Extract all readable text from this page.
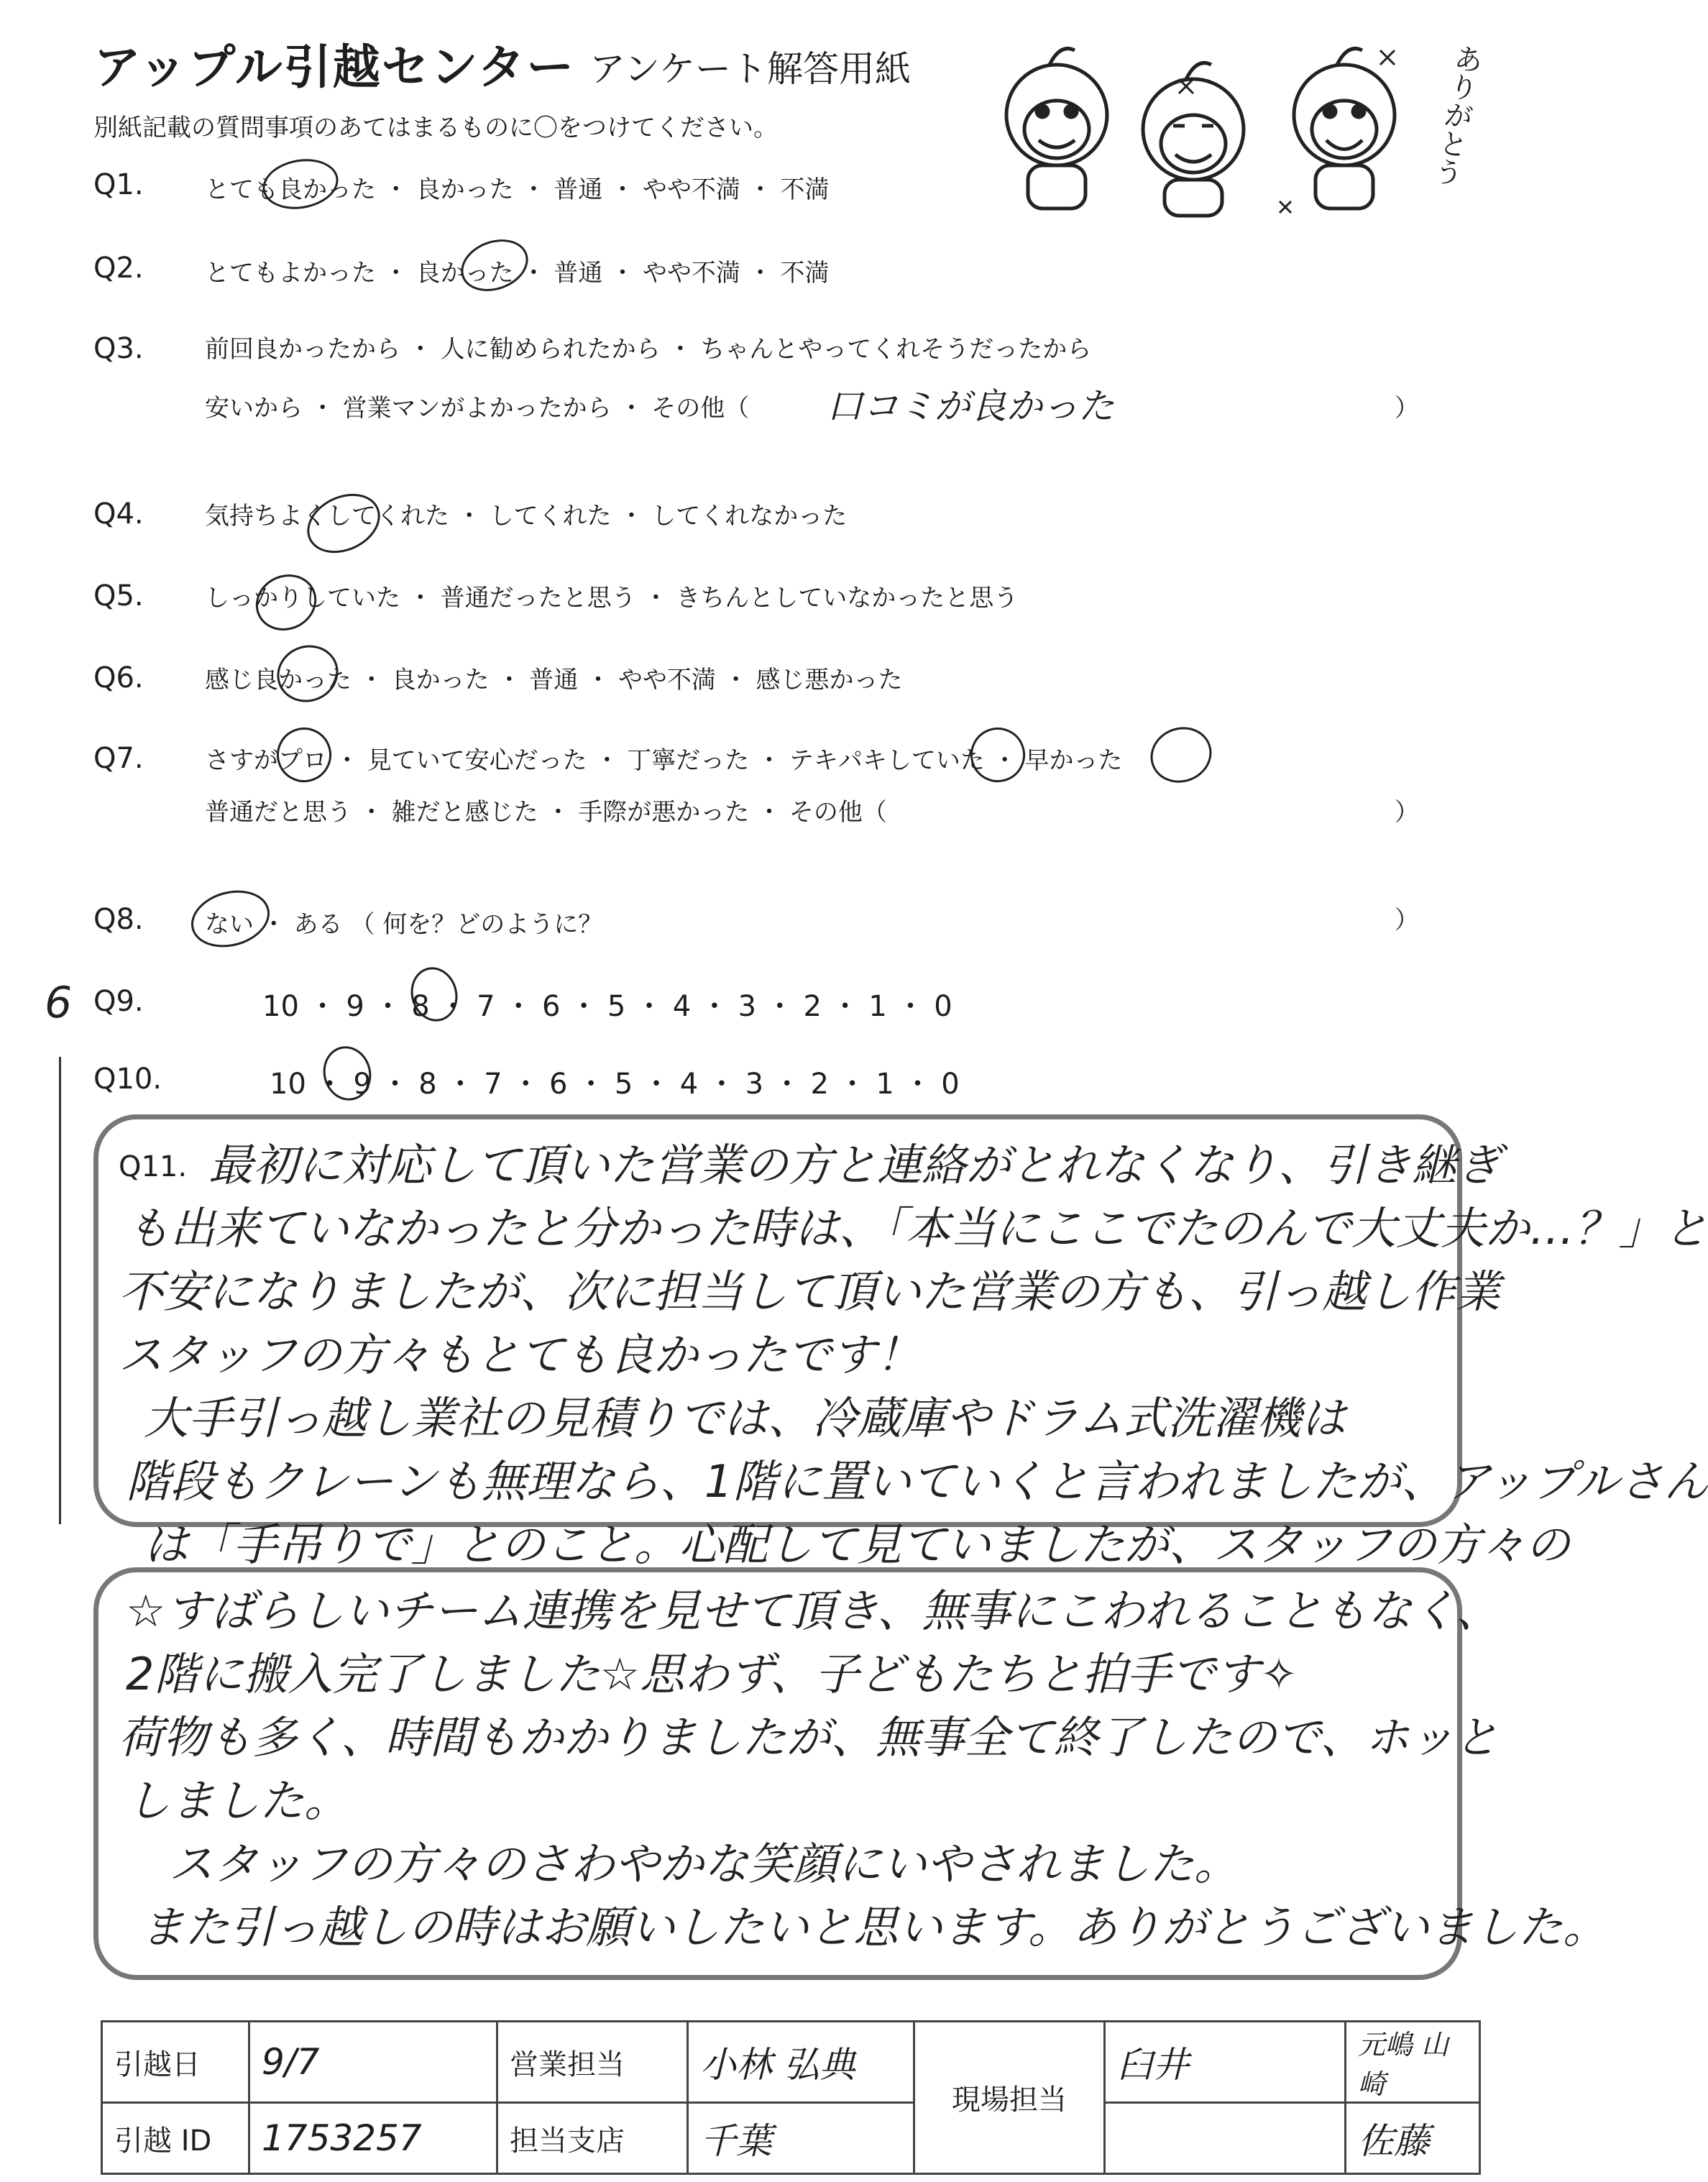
アップル引越センター アンケート解答用紙
別紙記載の質問事項のあてはまるものに〇をつけてください。	ありがとう
Q1.	とても良かった ・ 良かった ・ 普通 ・ やや不満 ・ 不満
Q2.	とてもよかった ・ 良かった ・ 普通 ・ やや不満 ・ 不満
Q3.	前回良かったから ・ 人に勧められたから ・ ちゃんとやってくれそうだったから
安いから ・ 営業マンがよかったから ・ その他（ 口コミが良かった	）
Q4.	気持ちよくしてくれた ・ してくれた ・ してくれなかった
Q5.	しっかりしていた ・ 普通だったと思う ・ きちんとしていなかったと思う
Q6.	感じ良かった ・ 良かった ・ 普通 ・ やや不満 ・ 感じ悪かった
Q7.	さすがプロ ・ 見ていて安心だった ・ 丁寧だった ・ テキパキしていた ・ 早かった
普通だと思う ・ 雑だと感じた ・ 手際が悪かった ・ その他（	）
Q8.	ない ・ ある （ 何を？どのように？	）
6 Q9.	10 ・ 9 ・ 8 ・ 7 ・ 6 ・ 5 ・ 4 ・ 3 ・ 2 ・ 1 ・ 0
Q10.	10 ・ 9 ・ 8 ・ 7 ・ 6 ・ 5 ・ 4 ・ 3 ・ 2 ・ 1 ・ 0
Q11. 最初に対応して頂いた営業の方と連絡がとれなくなり、引き継ぎ
も出来ていなかったと分かった時は、「本当にここでたのんで大丈夫か…？」と
不安になりましたが、次に担当して頂いた営業の方も、引っ越し作業
スタッフの方々もとても良かったです！
大手引っ越し業社の見積りでは、冷蔵庫やドラム式洗濯機は
階段もクレーンも無理なら、1階に置いていくと言われましたが、アップルさん
は「手吊りで」とのこと。心配して見ていましたが、スタッフの方々の
☆すばらしいチーム連携を見せて頂き、無事にこわれることもなく、
2階に搬入完了しました☆思わず、子どもたちと拍手です✧
荷物も多く、時間もかかりましたが、無事全て終了したので、ホッと
しました。
スタッフの方々のさわやかな笑顔にいやされました。
また引っ越しの時はお願いしたいと思います。ありがとうございました。
引越日	9/7	営業担当	小林 弘典	現場担当	臼井	元嶋 山崎
引越 ID	1753257	担当支店	千葉			佐藤
